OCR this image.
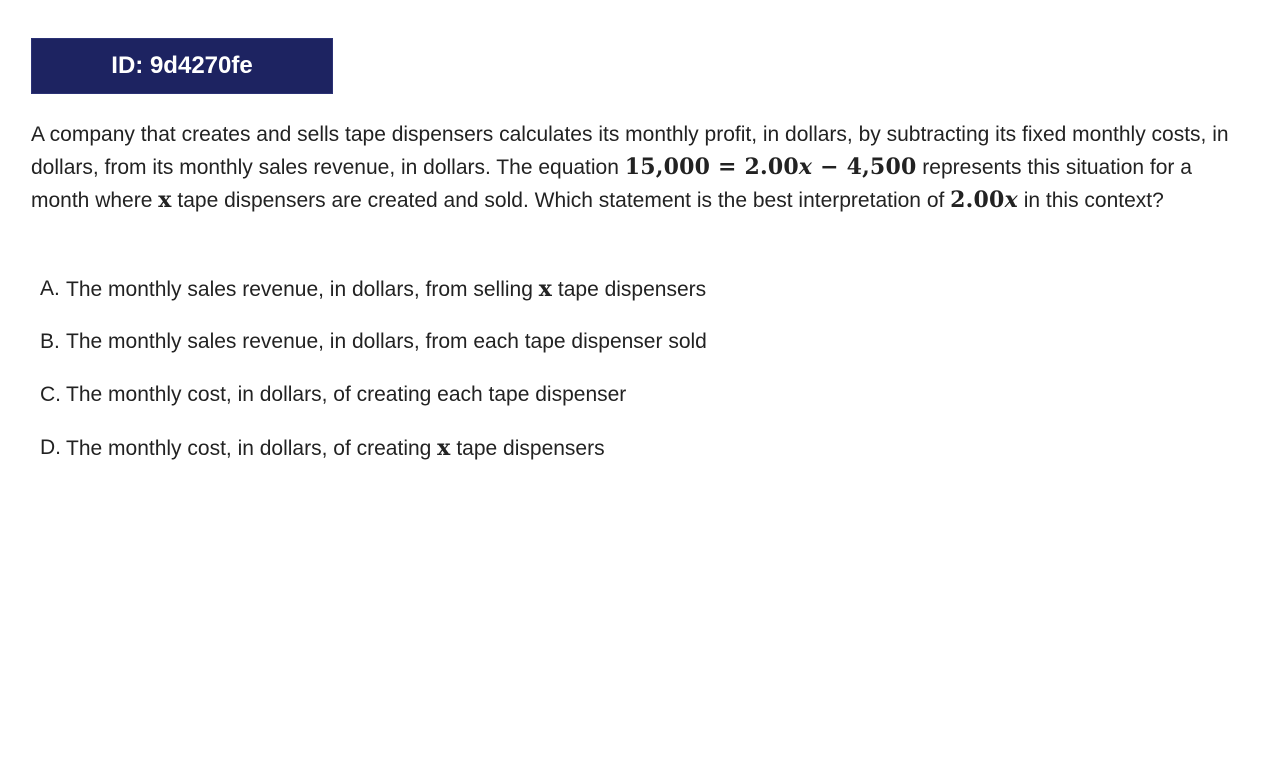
ID: 9d4270fe
A company that creates and sells tape dispensers calculates its monthly profit, in dollars, by subtracting its fixed monthly costs, in dollars, from its monthly sales revenue, in dollars. The equation 15,000 = 2.00x − 4,500 represents this situation for a month where x tape dispensers are created and sold. Which statement is the best interpretation of 2.00x in this context?
A. The monthly sales revenue, in dollars, from selling x tape dispensers
B. The monthly sales revenue, in dollars, from each tape dispenser sold
C. The monthly cost, in dollars, of creating each tape dispenser
D. The monthly cost, in dollars, of creating x tape dispensers
